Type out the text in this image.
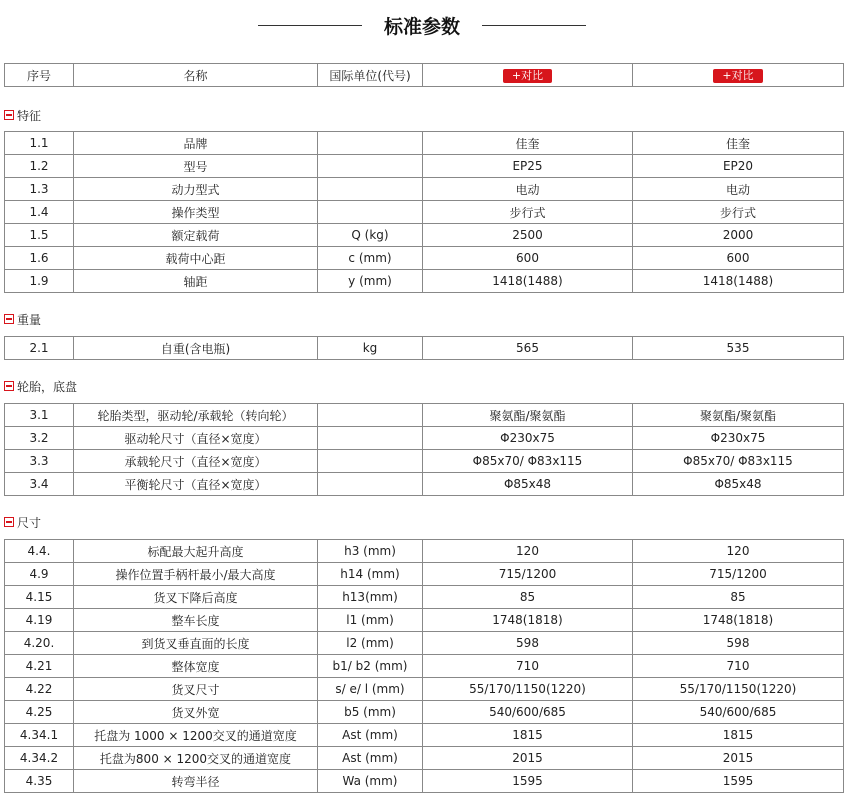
标准参数
序号	名称	国际单位(代号)	+对比	+对比
特征
1.1	品牌		佳奎	佳奎
1.2	型号		EP25	EP20
1.3	动力型式		电动	电动
1.4	操作类型		步行式	步行式
1.5	额定载荷	Q (kg)	2500	2000
1.6	载荷中心距	c (mm)	600	600
1.9	轴距	y (mm)	1418(1488)	1418(1488)
重量
2.1	自重(含电瓶)	kg	565	535
轮胎，底盘
3.1	轮胎类型，驱动轮/承载轮（转向轮）		聚氨酯/聚氨酯	聚氨酯/聚氨酯
3.2	驱动轮尺寸（直径×宽度）		Φ230x75	Φ230x75
3.3	承载轮尺寸（直径×宽度）		Φ85x70/ Φ83x115	Φ85x70/ Φ83x115
3.4	平衡轮尺寸（直径×宽度）		Φ85x48	Φ85x48
尺寸
4.4.	标配最大起升高度	h3 (mm)	120	120
4.9	操作位置手柄杆最小/最大高度	h14 (mm)	715/1200	715/1200
4.15	货叉下降后高度	h13(mm)	85	85
4.19	整车长度	l1 (mm)	1748(1818)	1748(1818)
4.20.	到货叉垂直面的长度	l2 (mm)	598	598
4.21	整体宽度	b1/ b2 (mm)	710	710
4.22	货叉尺寸	s/ e/ l (mm)	55/170/1150(1220)	55/170/1150(1220)
4.25	货叉外宽	b5 (mm)	540/600/685	540/600/685
4.34.1	托盘为 1000 × 1200交叉的通道宽度	Ast (mm)	1815	1815
4.34.2	托盘为800 × 1200交叉的通道宽度	Ast (mm)	2015	2015
4.35	转弯半径	Wa (mm)	1595	1595
